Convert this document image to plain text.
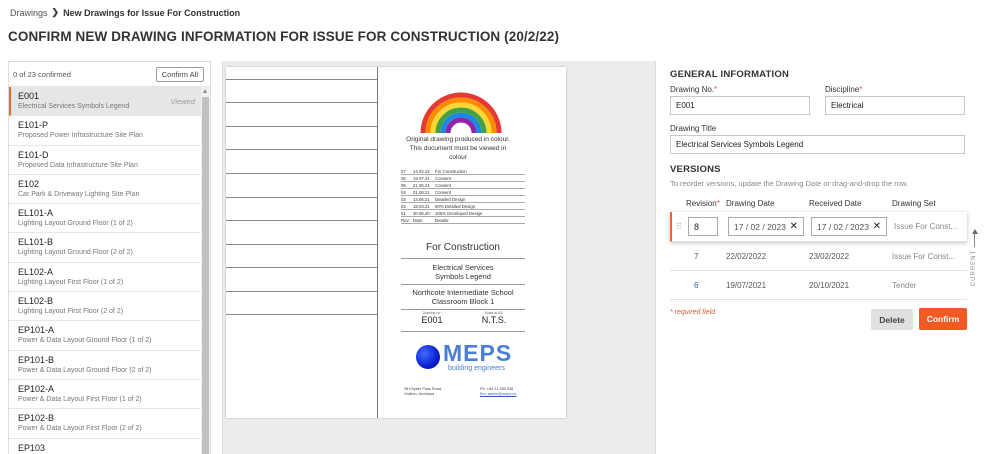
Drawings ❯ New Drawings for Issue For Construction
CONFIRM NEW DRAWING INFORMATION FOR ISSUE FOR CONSTRUCTION (20/2/22)
0 of 23 confirmed	Confirm All
E001
Electrical Services Symbols Legend
Viewed
E101-P
Proposed Power Infrastructure Site Plan
E101-D
Proposed Data Infrastructure Site Plan
E102
Car Park & Driveway Lighting Site Plan
EL101-A
Lighting Layout Ground Floor (1 of 2)
EL101-B
Lighting Layout Ground Floor (2 of 2)
EL102-A
Lighting Layout First Floor (1 of 2)
EL102-B
Lighting Layout First Floor (2 of 2)
EP101-A
Power & Data Layout Ground Floor (1 of 2)
EP101-B
Power & Data Layout Ground Floor (2 of 2)
EP102-A
Power & Data Layout First Floor (1 of 2)
EP102-B
Power & Data Layout First Floor (2 of 2)
EP103
Original drawing produced in colour. This document must be viewed in colour
07	14.02.22	For Construction
06	19.07.21	Consent
05	21.06.21	Consent
04	01.06.21	Consent
03	14.05.21	Detailed Design
02	18.03.21	50% Detailed Design
01	30.06.20	100% Developed Design
Rev: Date:	Details:
For Construction
Electrical Services
Symbols Legend
Northcote Intermediate School
Classroom Block 1
Drawing no:
E001
Scale at A3:
N.T.S.
MEPS
building engineers
38 Khyber Pass Road,
Grafton, Auckland
Ph: +64 21 350 538
Em: admin@meps.nz
GENERAL INFORMATION
Drawing No.*
E001
Discipline*
Electrical
Drawing Title
Electrical Services Symbols Legend
VERSIONS
To reorder versions, update the Drawing Date or drag-and-drop the row.
Revision* Drawing Date	Received Date	Drawing Set
⠿	8	17 / 02 / 2023 ✕ 17 / 02 / 2023 ✕ Issue For Const...
7	22/02/2022	23/02/2022	Issue For Const...
6	19/07/2021	20/10/2021	Tender	CURRENT
* required field
Delete	Confirm
